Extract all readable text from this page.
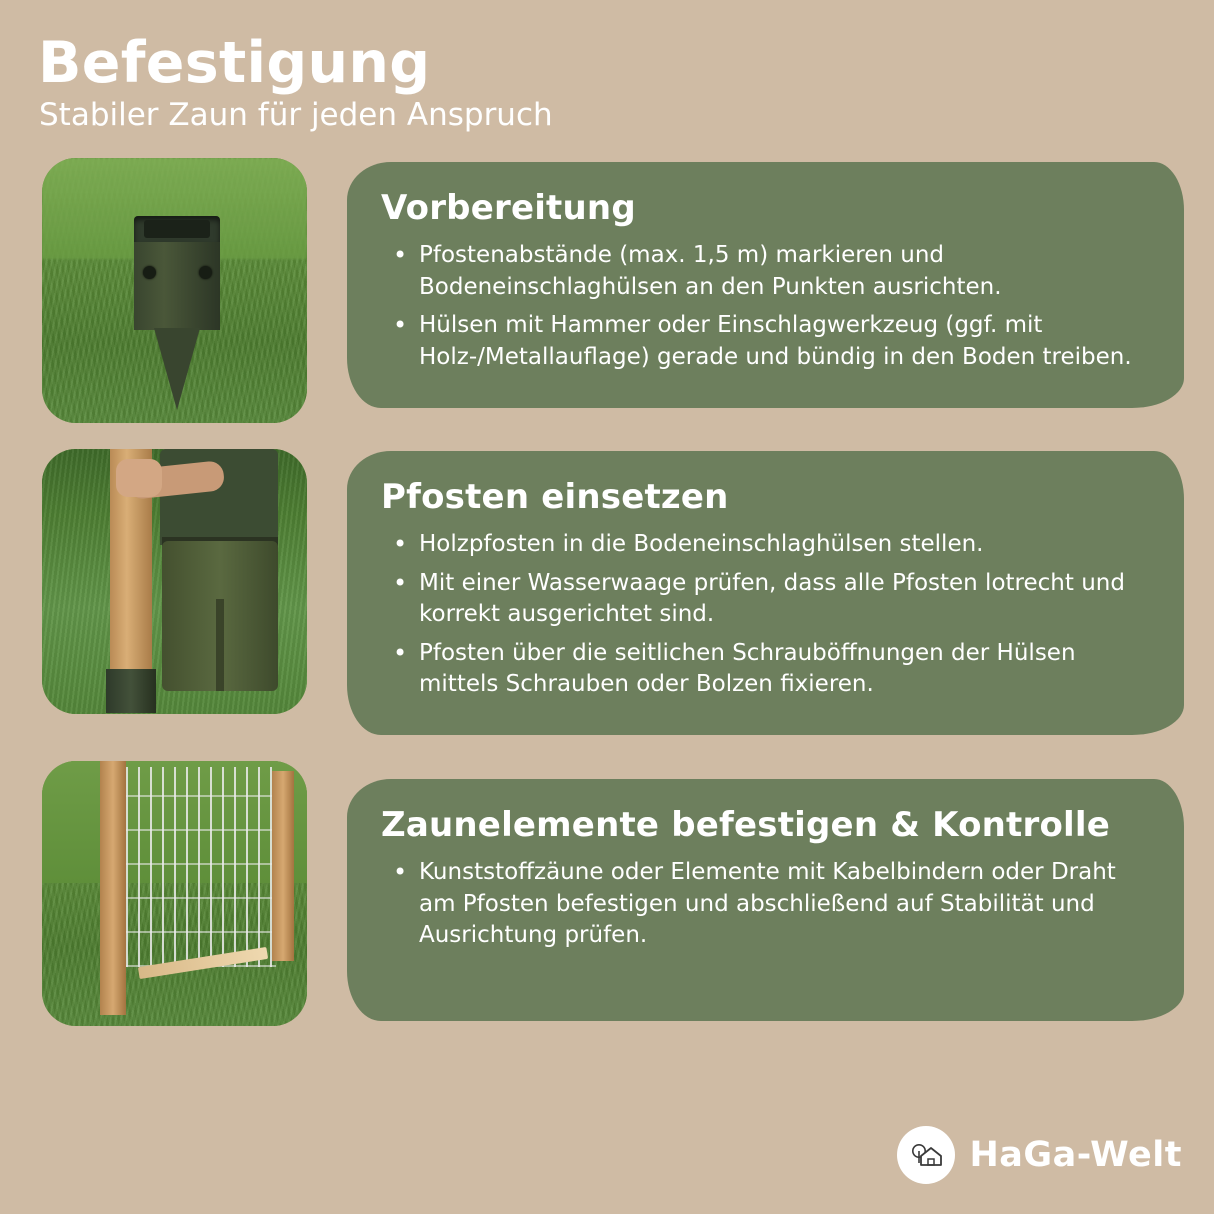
Befestigung
Stabiler Zaun für jeden Anspruch
Vorbereitung
• Pfostenabstände (max. 1,5 m) markieren und Bodeneinschlaghülsen an den Punkten ausrichten.
• Hülsen mit Hammer oder Einschlagwerkzeug (ggf. mit Holz-/Metallauflage) gerade und bündig in den Boden treiben.
Pfosten einsetzen
• Holzpfosten in die Bodeneinschlaghülsen stellen.
• Mit einer Wasserwaage prüfen, dass alle Pfosten lotrecht und korrekt ausgerichtet sind.
• Pfosten über die seitlichen Schrauböffnungen der Hülsen mittels Schrauben oder Bolzen fixieren.
Zaunelemente befestigen & Kontrolle
• Kunststoffzäune oder Elemente mit Kabelbindern oder Draht am Pfosten befestigen und abschließend auf Stabilität und Ausrichtung prüfen.
HaGa-Welt
